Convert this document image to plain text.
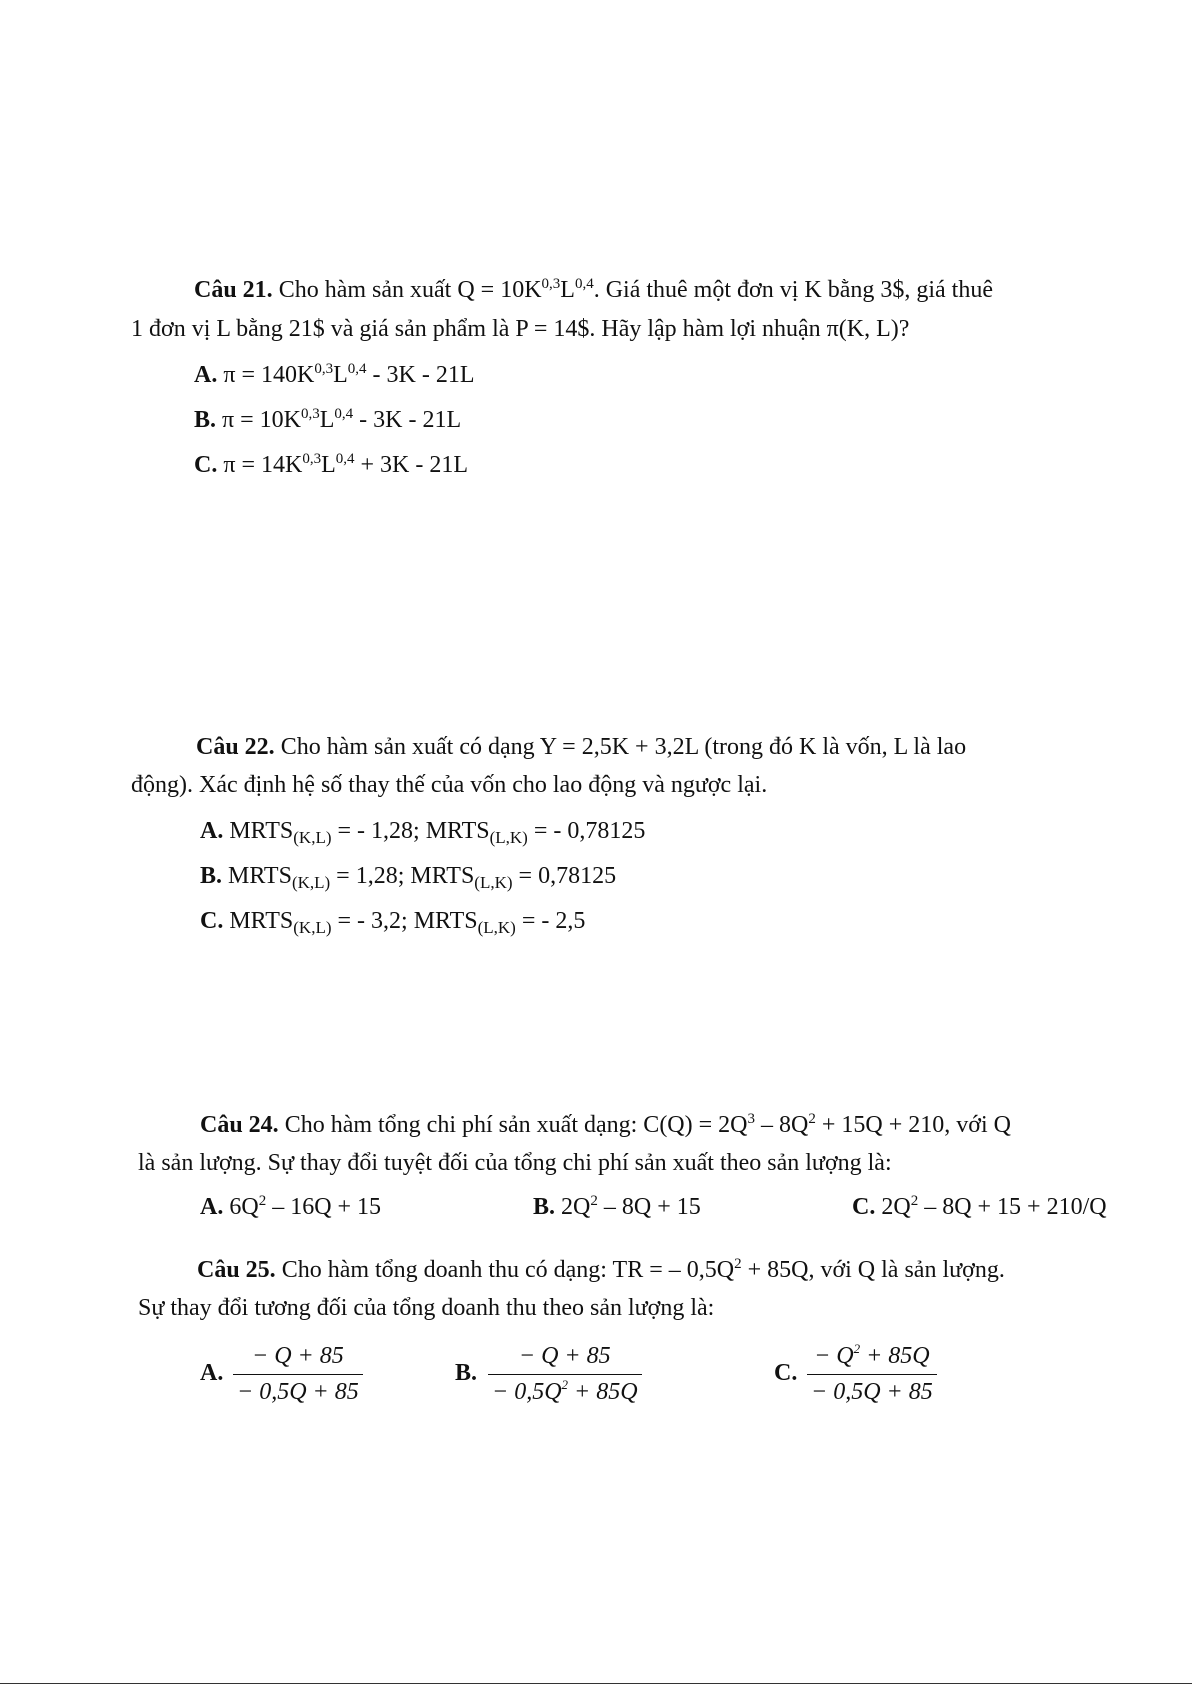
Câu 21. Cho hàm sản xuất $Q = 10K^{0,3}L^{0,4}$. Giá thuê một đơn vị K bằng 3$, giá thuê
1 đơn vị L bằng 21$ và giá sản phẩm là P = 14$. Hãy lập hàm lợi nhuận π(K, L)?
A. $\pi = 140K^{0,3}L^{0,4} - 3K - 21L$
B. $\pi = 10K^{0,3}L^{0,4} - 3K - 21L$
C. $\pi = 14K^{0,3}L^{0,4} + 3K - 21L$
Câu 22. Cho hàm sản xuất có dạng Y = 2,5K + 3,2L (trong đó K là vốn, L là lao
động). Xác định hệ số thay thế của vốn cho lao động và ngược lại.
A. $MRTS_{(K,L)}$ = - 1,28; $MRTS_{(L,K)}$ = - 0,78125
B. $MRTS_{(K,L)} = 1,28$; $MRTS_{(L,K)} = 0,78125$
C. $MRTS_{(K,L)}$ = - 3,2; $MRTS_{(L,K)}$ = - 2,5
Câu 24. Cho hàm tổng chi phí sản xuất dạng: $C(Q) = 2Q^3 - 8Q^2 + 15Q + 210$, với Q
là sản lượng. Sự thay đổi tuyệt đối của tổng chi phí sản xuất theo sản lượng là:
A. $6Q^2 - 16Q + 15$	B. $2Q^2 - 8Q + 15$	C. $2Q^2 - 8Q + 15 + 210/Q$
Câu 25. Cho hàm tổng doanh thu có dạng: TR = – $0,5Q^2 + 85Q$, với Q là sản lượng.
Sự thay đổi tương đối của tổng doanh thu theo sản lượng là:
A. $\frac{- Q + 85}{- 0,5Q + 85}$	B. $\frac{- Q + 85}{- 0,5Q^2 + 85Q}$	C. $\frac{- Q^2 + 85Q}{- 0,5Q + 85}$
